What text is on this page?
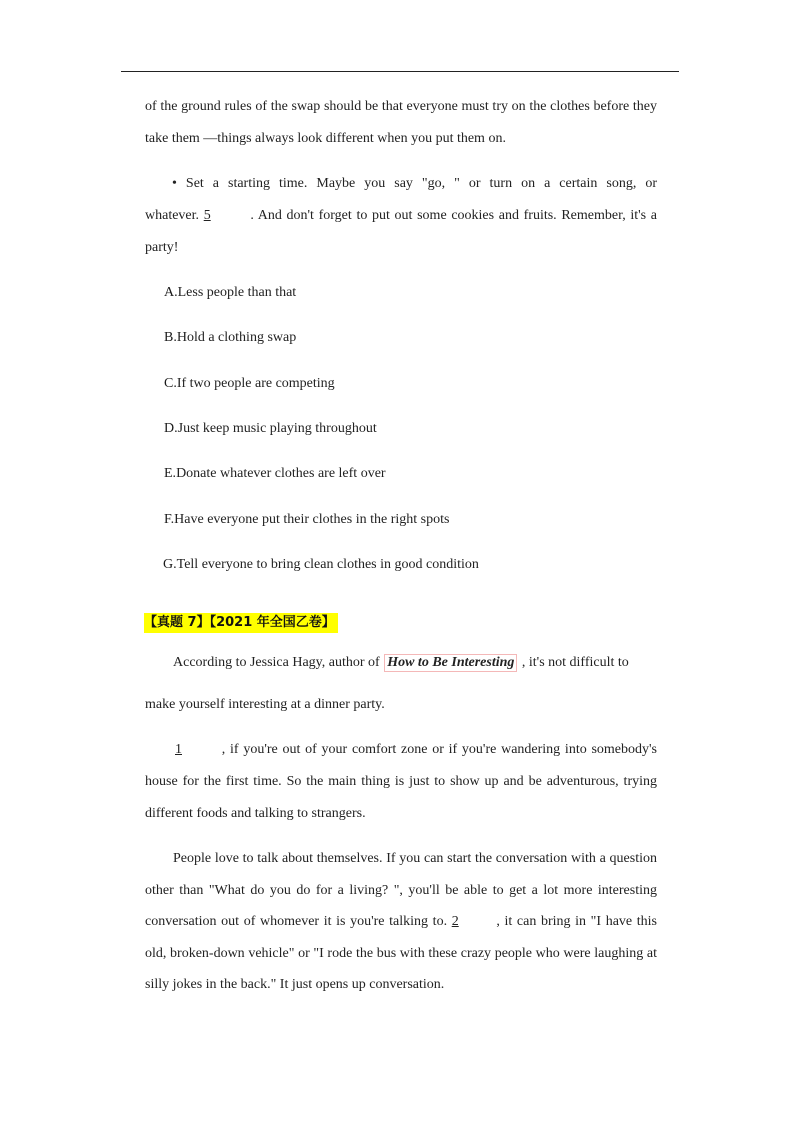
of the ground rules of the swap should be that everyone must try on the clothes before they
take them —things always look different when you put them on.
• Set a starting time. Maybe you say "go, " or turn on a certain song, or
whatever. 5	. And don't forget to put out some cookies and fruits. Remember, it's a
party!
A.Less people than that
B.Hold a clothing swap
C.If two people are competing
D.Just keep music playing throughout
E.Donate whatever clothes are left over
F.Have everyone put their clothes in the right spots
G.Tell everyone to bring clean clothes in good condition
【真题 7】【2021 年全国乙卷】
According to Jessica Hagy, author of How to Be Interesting , it's not difficult to
make yourself interesting at a dinner party.
1	, if you're out of your comfort zone or if you're wandering into somebody's
house for the first time. So the main thing is just to show up and be adventurous, trying
different foods and talking to strangers.
People love to talk about themselves. If you can start the conversation with a question
other than "What do you do for a living? ", you'll be able to get a lot more interesting
conversation out of whomever it is you're talking to. 2 , it can bring in "I have this
old, broken-down vehicle" or "I rode the bus with these crazy people who were laughing at
silly jokes in the back." It just opens up conversation.
